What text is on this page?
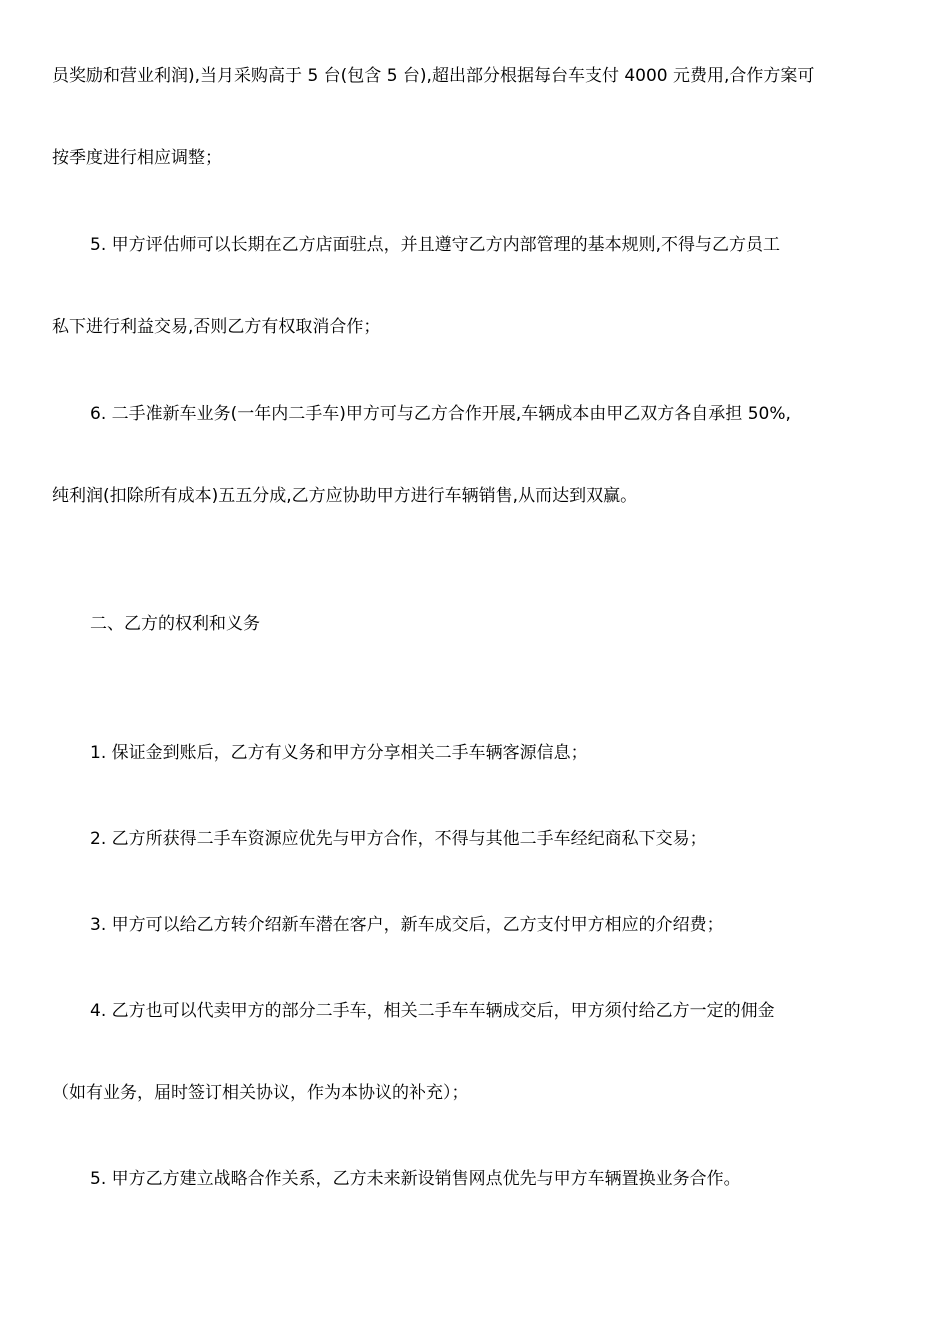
员奖励和营业利润),当月采购高于 5 台(包含 5 台),超出部分根据每台车支付 4000 元费用,合作方案可
按季度进行相应调整；
5. 甲方评估师可以长期在乙方店面驻点，并且遵守乙方内部管理的基本规则,不得与乙方员工
私下进行利益交易,否则乙方有权取消合作；
6. 二手准新车业务(一年内二手车)甲方可与乙方合作开展,车辆成本由甲乙双方各自承担 50%,
纯利润(扣除所有成本)五五分成,乙方应协助甲方进行车辆销售,从而达到双赢。
二、乙方的权利和义务
1. 保证金到账后，乙方有义务和甲方分享相关二手车辆客源信息；
2. 乙方所获得二手车资源应优先与甲方合作，不得与其他二手车经纪商私下交易；
3. 甲方可以给乙方转介绍新车潜在客户，新车成交后，乙方支付甲方相应的介绍费；
4. 乙方也可以代卖甲方的部分二手车，相关二手车车辆成交后，甲方须付给乙方一定的佣金
（如有业务，届时签订相关协议，作为本协议的补充）；
5. 甲方乙方建立战略合作关系，乙方未来新设销售网点优先与甲方车辆置换业务合作。
